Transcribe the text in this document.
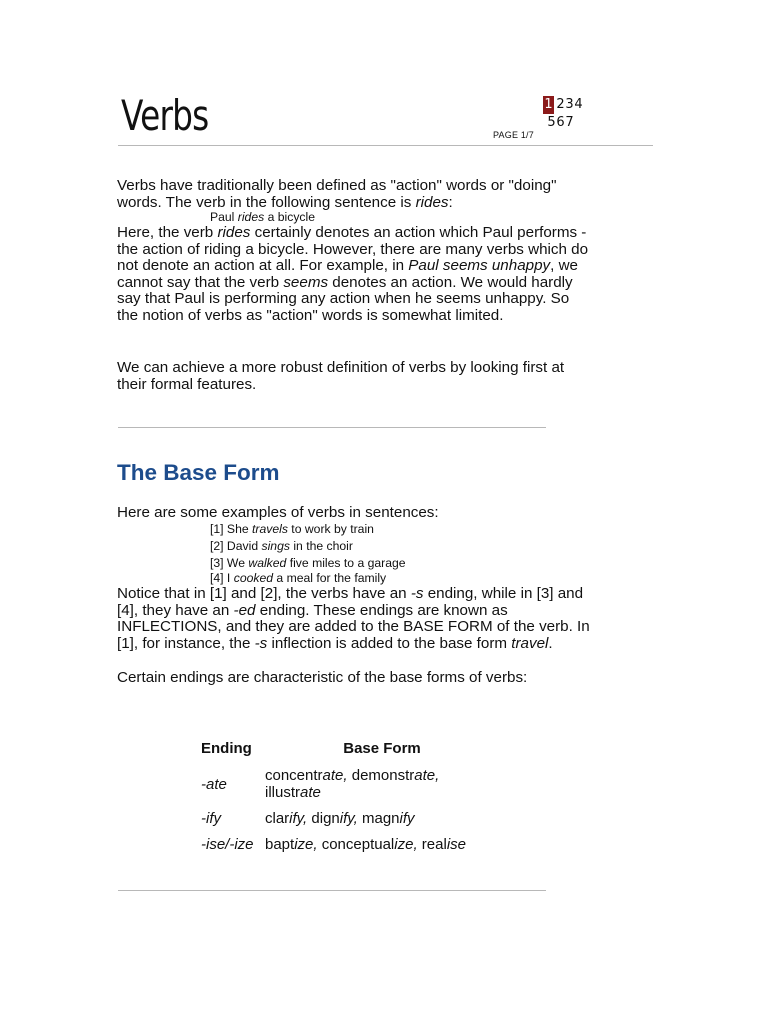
Verbs	1 2 3 4
5 6 7
PAGE 1/7

Verbs have traditionally been defined as "action" words or "doing" words. The verb in the following sentence is rides:

Paul rides a bicycle

Here, the verb rides certainly denotes an action which Paul performs - the action of riding a bicycle. However, there are many verbs which do not denote an action at all. For example, in Paul seems unhappy, we cannot say that the verb seems denotes an action. We would hardly say that Paul is performing any action when he seems unhappy. So the notion of verbs as "action" words is somewhat limited.

We can achieve a more robust definition of verbs by looking first at their formal features.

The Base Form

Here are some examples of verbs in sentences:

[1] She travels to work by train
[2] David sings in the choir
[3] We walked five miles to a garage
[4] I cooked a meal for the family

Notice that in [1] and [2], the verbs have an -s ending, while in [3] and [4], they have an -ed ending. These endings are known as INFLECTIONS, and they are added to the BASE FORM of the verb. In [1], for instance, the -s inflection is added to the base form travel.

Certain endings are characteristic of the base forms of verbs:

Ending	Base Form
-ate	concentrate, demonstrate, illustrate
-ify	clarify, dignify, magnify
-ise/-ize	baptize, conceptualize, realise
